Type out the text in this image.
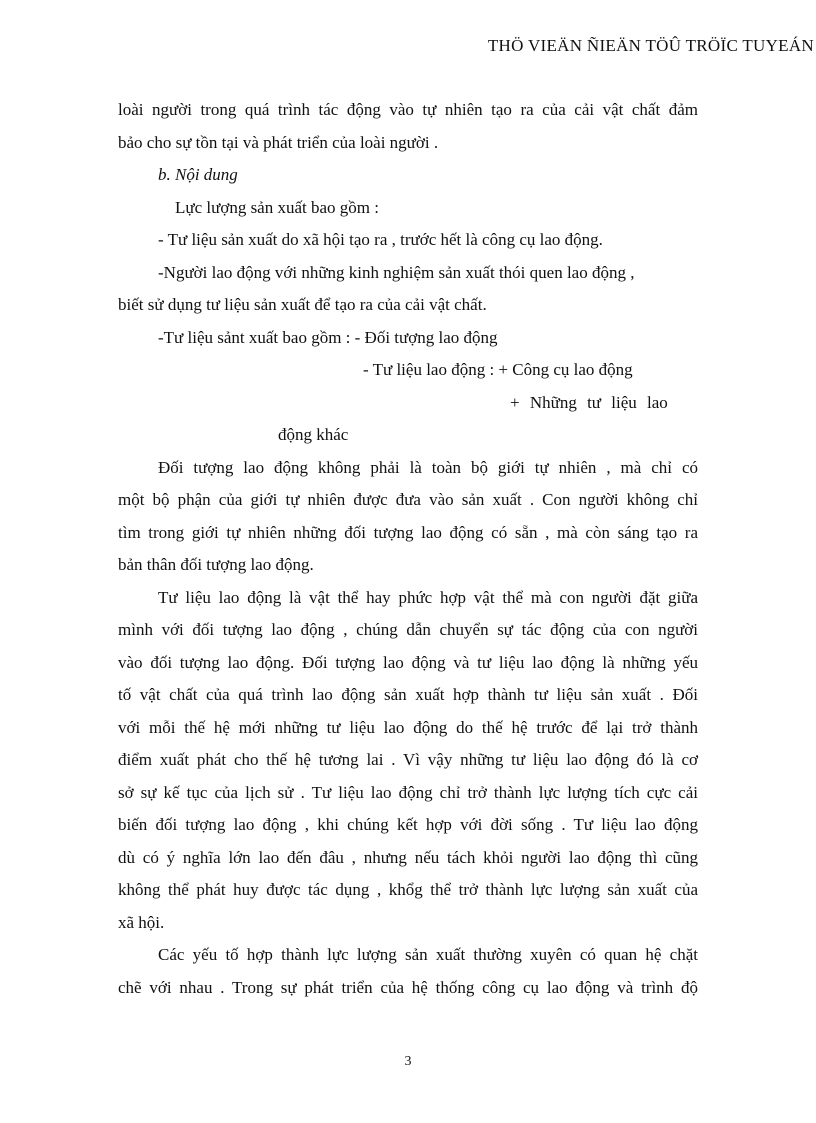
THÖ VIEÄN ÑIEÄN TÖÛ TRÖÏC TUYEÁN
loài người trong quá trình tác động vào tự nhiên tạo ra của cải vật chất đảm
bảo cho sự tồn tại và phát triển của loài người .
b. Nội dung
Lực lượng sản xuất bao gồm :
- Tư liệu sản xuất do xã hội tạo ra , trước hết là công cụ lao động.
-Người lao động với những kinh nghiệm sản xuất thói quen lao động ,
biết sử dụng tư liệu sản xuất để tạo ra của cải vật chất.
-Tư liệu sảnt xuất bao gồm : - Đối tượng lao động
- Tư liệu lao động : + Công cụ lao động
+ Những tư liệu lao
động khác
Đối tượng lao động không phải là toàn bộ giới tự nhiên , mà chỉ có
một bộ phận của giới tự nhiên được đưa vào sản xuất . Con người không chỉ
tìm trong giới tự nhiên những đối tượng lao động có sẵn , mà còn sáng tạo ra
bản thân đối tượng lao động.
Tư liệu lao động là vật thể hay phức hợp vật thể mà con người đặt giữa
mình với đối tượng lao động , chúng dẫn chuyển sự tác động của con người
vào đối tượng lao động. Đối tượng lao động và tư liệu lao động là những yếu
tố vật chất của quá trình lao động sản xuất hợp thành tư liệu sản xuất . Đối
với mỗi thế hệ mới những tư liệu lao động do thế hệ trước để lại trở thành
điểm xuất phát cho thế hệ tương lai . Vì vậy những tư liệu lao động đó là cơ
sở sự kế tục của lịch sử . Tư liệu lao động chỉ trở thành lực lượng tích cực cải
biến đối tượng lao động , khi chúng kết hợp với đời sống . Tư liệu lao động
dù có ý nghĩa lớn lao đến đâu , nhưng nếu tách khỏi người lao động thì cũng
không thể phát huy được tác dụng , khổg thể trở thành lực lượng sản xuất của
xã hội.
Các yếu tố hợp thành lực lượng sản xuất thường xuyên có quan hệ chặt
chẽ với nhau . Trong sự phát triển của hệ thống công cụ lao động và trình độ
3
